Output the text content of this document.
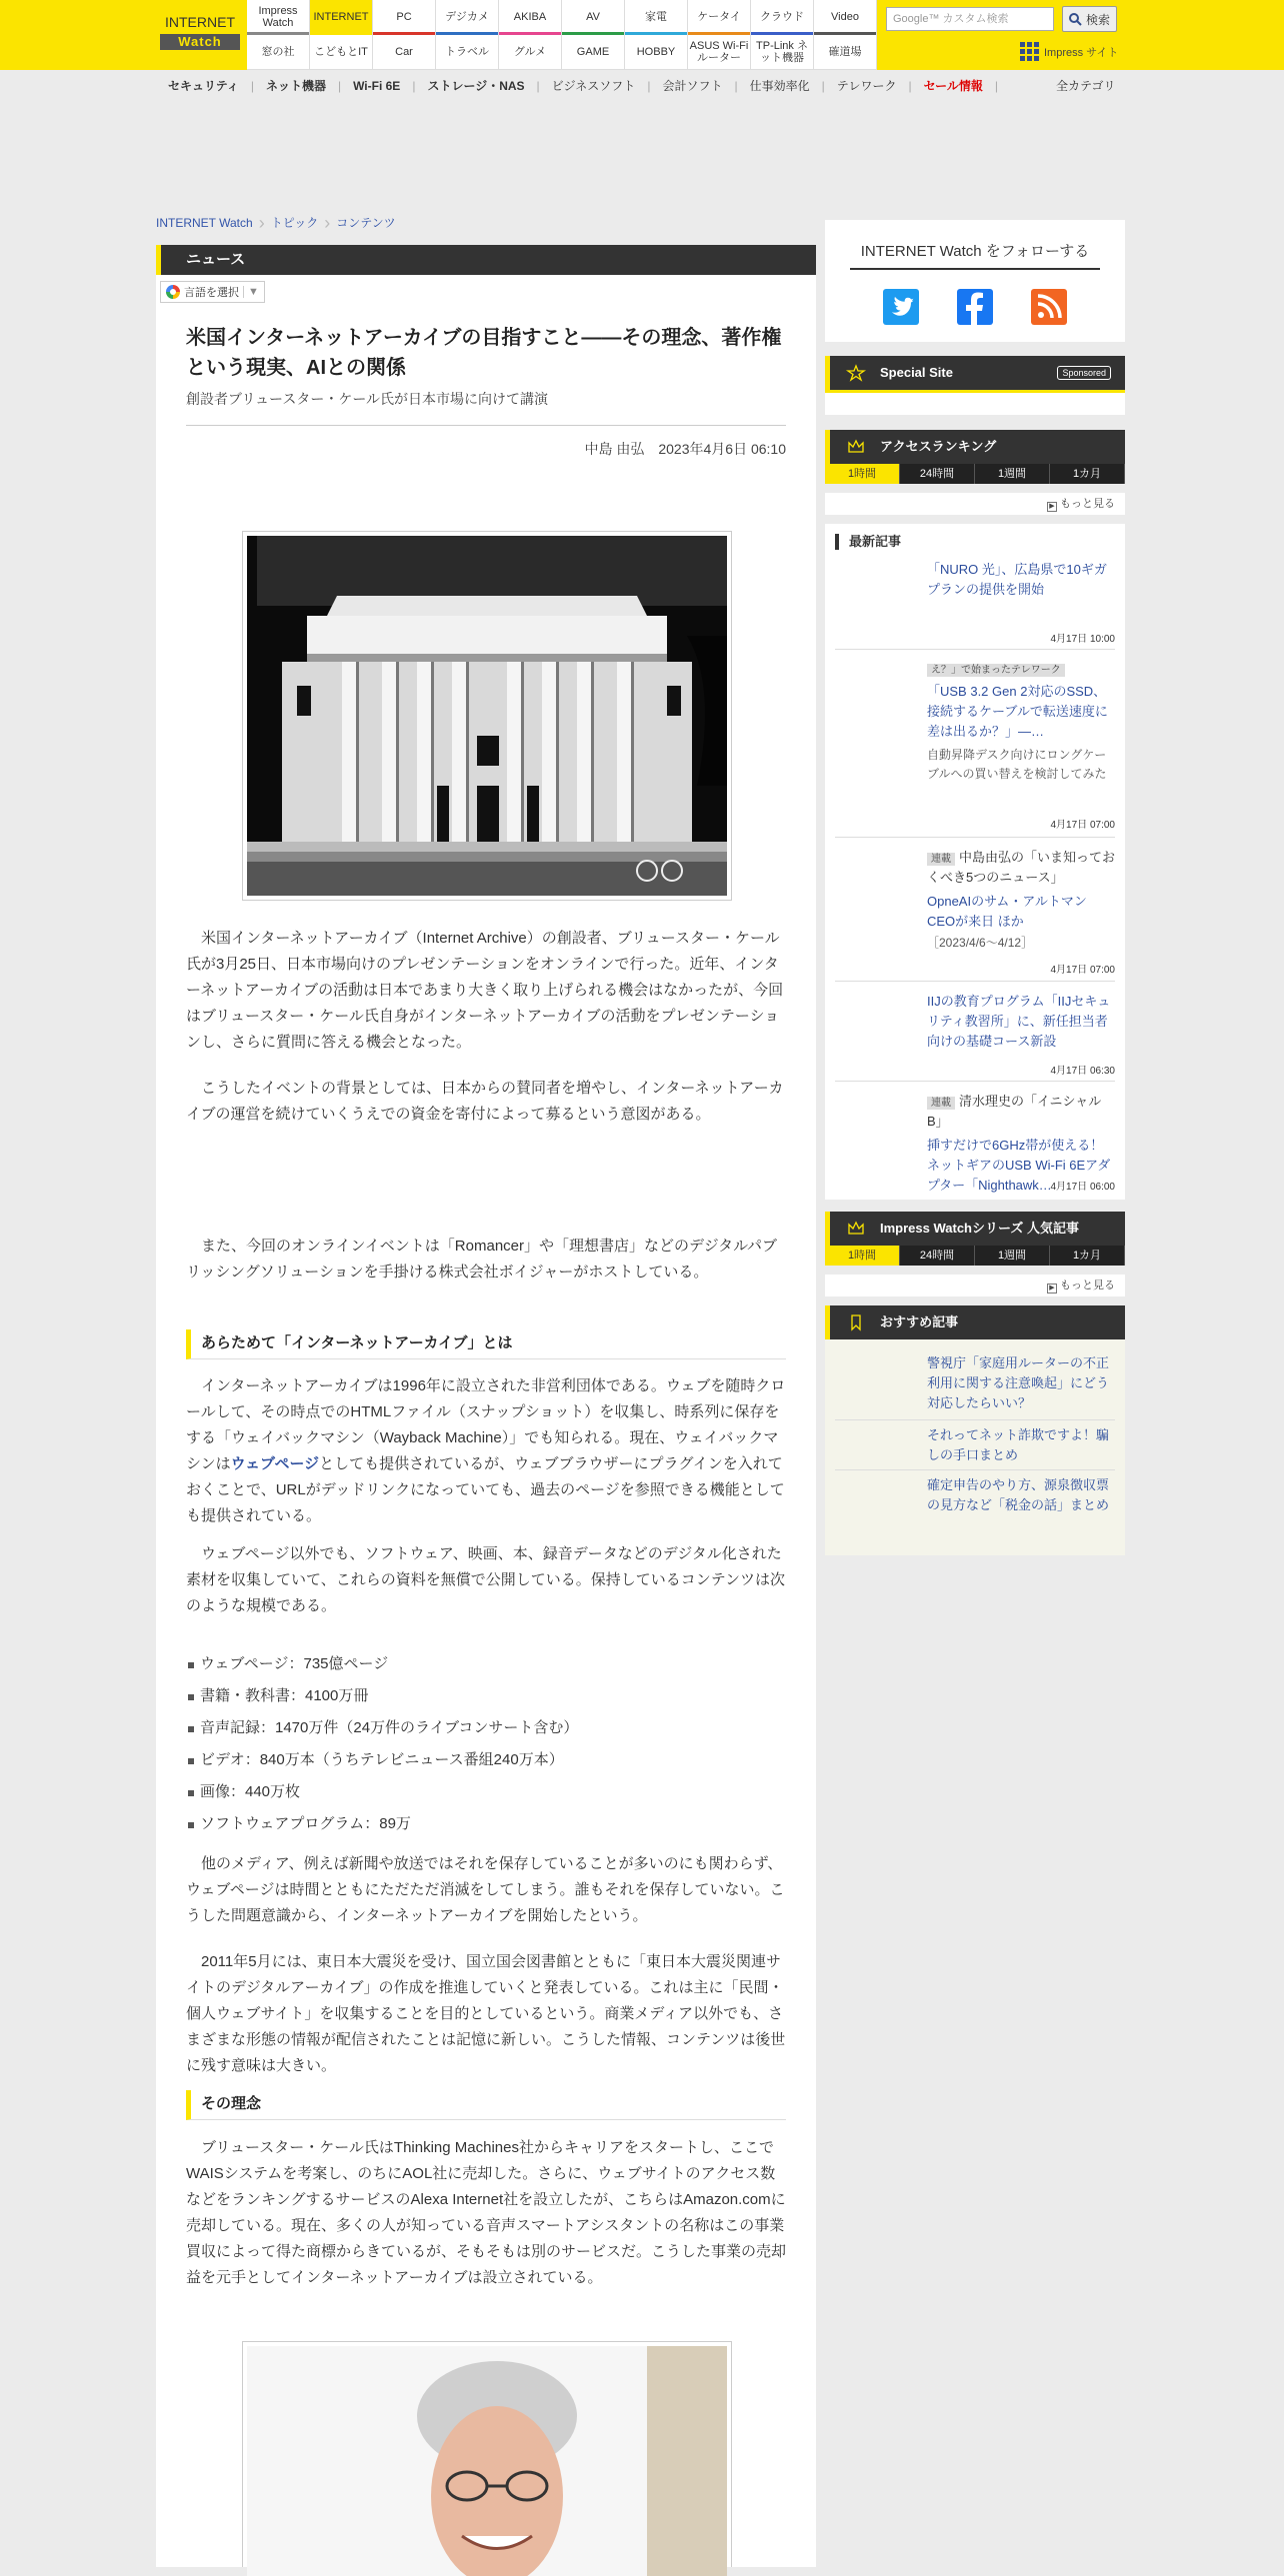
INTERNET
Watch
Impress Watch	INTERNET	PC	デジカメ	AKIBA	AV	家電	ケータイ	クラウド	Video
窓の社	こどもとIT	Car	トラベル	グルメ	GAME	HOBBY	ASUS Wi-Fiルーター
TP-Link ネット機器	確道場
Google™ カスタム検索	検索
Impress サイト
セキュリティ	|	ネット機器	|	Wi-Fi 6E	|	ストレージ・NAS	|	ビジネスソフト	|	会計ソフト	|	仕事効率化	|	テレワーク	|	セール情報	|	全カテゴリ
INTERNET Watch › トピック › コンテンツ
ニュース
言語を選択 ▼
米国インターネットアーカイブの目指すこと――その理念、著作権という現実、AIとの関係
創設者ブリュースター・ケール氏が日本市場に向けて講演
中島 由弘 2023年4月6日 06:10

米国インターネットアーカイブ（Internet Archive）の創設者、ブリュースター・ケール氏が3月25日、日本市場向けのプレゼンテーションをオンラインで行った。近年、インターネットアーカイブの活動は日本であまり大きく取り上げられる機会はなかったが、今回はブリュースター・ケール氏自身がインターネットアーカイブの活動をプレゼンテーションし、さらに質問に答える機会となった。

こうしたイベントの背景としては、日本からの賛同者を増やし、インターネットアーカイブの運営を続けていくうえでの資金を寄付によって募るという意図がある。

また、今回のオンラインイベントは「Romancer」や「理想書店」などのデジタルパブリッシングソリューションを手掛ける株式会社ボイジャーがホストしている。

あらためて「インターネットアーカイブ」とは

インターネットアーカイブは1996年に設立された非営利団体である。ウェブを随時クロールして、その時点でのHTMLファイル（スナップショット）を収集し、時系列に保存をする「ウェイバックマシン（Wayback Machine）」でも知られる。現在、ウェイバックマシンはウェブページとしても提供されているが、ウェブブラウザーにプラグインを入れておくことで、URLがデッドリンクになっていても、過去のページを参照できる機能としても提供されている。

ウェブページ以外でも、ソフトウェア、映画、本、録音データなどのデジタル化された素材を収集していて、これらの資料を無償で公開している。保持しているコンテンツは次のような規模である。

ウェブページ：735億ページ
書籍・教科書：4100万冊
音声記録：1470万件（24万件のライブコンサート含む）
ビデオ：840万本（うちテレビニュース番組240万本）
画像：440万枚
ソフトウェアプログラム：89万

他のメディア、例えば新聞や放送ではそれを保存していることが多いのにも関わらず、ウェブページは時間とともにただただ消滅をしてしまう。誰もそれを保存していない。こうした問題意識から、インターネットアーカイブを開始したという。

2011年5月には、東日本大震災を受け、国立国会図書館とともに「東日本大震災関連サイトのデジタルアーカイブ」の作成を推進していくと発表している。これは主に「民間・個人ウェブサイト」を収集することを目的としているという。商業メディア以外でも、さまざまな形態の情報が配信されたことは記憶に新しい。こうした情報、コンテンツは後世に残す意味は大きい。

その理念

ブリュースター・ケール氏はThinking Machines社からキャリアをスタートし、ここでWAISシステムを考案し、のちにAOL社に売却した。さらに、ウェブサイトのアクセス数などをランキングするサービスのAlexa Internet社を設立したが、こちらはAmazon.comに売却している。現在、多くの人が知っている音声スマートアシスタントの名称はこの事業買収によって得た商標からきているが、そもそもは別のサービスだ。こうした事業の売却益を元手としてインターネットアーカイブは設立されている。

INTERNET Watch をフォローする
Special Site	Sponsored
アクセスランキング
1時間	24時間	1週間	1カ月
▶ もっと見る
最新記事
「NURO 光」、広島県で10ギガプランの提供を開始
4月17日 10:00
え？」で始まったテレワーク
「USB 3.2 Gen 2対応のSSD、接続するケーブルで転送速度に差は出るか？」―…
自動昇降デスク向けにロングケーブルへの買い替えを検討してみた
4月17日 07:00
連載 中島由弘の「いま知っておくべき5つのニュース」
OpneAIのサム・アルトマンCEOが来日 ほか
［2023/4/6～4/12］
4月17日 07:00
IIJの教育プログラム「IIJセキュリティ教習所」に、新任担当者向けの基礎コース新設
4月17日 06:30
連載 清水理史の「イニシャルB」
挿すだけで6GHz帯が使える！ ネットギアのUSB Wi-Fi 6Eアダプター「Nighthawk…
4月17日 06:00
Impress Watchシリーズ 人気記事
1時間	24時間	1週間	1カ月
▶ もっと見る
おすすめ記事
警視庁「家庭用ルーターの不正利用に関する注意喚起」にどう対応したらいい？
それってネット詐欺ですよ！騙しの手口まとめ
確定申告のやり方、源泉徴収票の見方など「税金の話」まとめ
